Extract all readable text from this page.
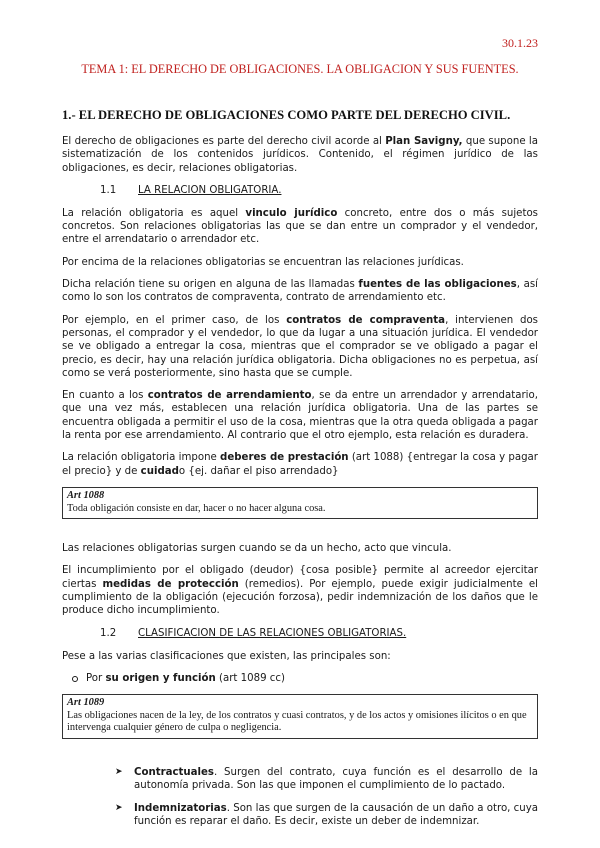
30.1.23
TEMA 1: EL DERECHO DE OBLIGACIONES. LA OBLIGACION Y SUS FUENTES.
1.- EL DERECHO DE OBLIGACIONES COMO PARTE DEL DERECHO CIVIL.

El derecho de obligaciones es parte del derecho civil acorde al Plan Savigny, que supone la sistematización de los contenidos jurídicos. Contenido, el régimen jurídico de las obligaciones, es decir, relaciones obligatorias.

1.1 LA RELACION OBLIGATORIA.

La relación obligatoria es aquel vinculo jurídico concreto, entre dos o más sujetos concretos. Son relaciones obligatorias las que se dan entre un comprador y el vendedor, entre el arrendatario o arrendador etc.

Por encima de la relaciones obligatorias se encuentran las relaciones jurídicas.

Dicha relación tiene su origen en alguna de las llamadas fuentes de las obligaciones, así como lo son los contratos de compraventa, contrato de arrendamiento etc.

Por ejemplo, en el primer caso, de los contratos de compraventa, intervienen dos personas, el comprador y el vendedor, lo que da lugar a una situación jurídica. El vendedor se ve obligado a entregar la cosa, mientras que el comprador se ve obligado a pagar el precio, es decir, hay una relación jurídica obligatoria. Dicha obligaciones no es perpetua, así como se verá posteriormente, sino hasta que se cumple.

En cuanto a los contratos de arrendamiento, se da entre un arrendador y arrendatario, que una vez más, establecen una relación jurídica obligatoria. Una de las partes se encuentra obligada a permitir el uso de la cosa, mientras que la otra queda obligada a pagar la renta por ese arrendamiento. Al contrario que el otro ejemplo, esta relación es duradera.

La relación obligatoria impone deberes de prestación (art 1088) {entregar la cosa y pagar el precio} y de cuidado {ej. dañar el piso arrendado}

Art 1088
Toda obligación consiste en dar, hacer o no hacer alguna cosa.

Las relaciones obligatorias surgen cuando se da un hecho, acto que vincula.

El incumplimiento por el obligado (deudor) {cosa posible} permite al acreedor ejercitar ciertas medidas de protección (remedios). Por ejemplo, puede exigir judicialmente el cumplimiento de la obligación (ejecución forzosa), pedir indemnización de los daños que le produce dicho incumplimiento.

1.2 CLASIFICACION DE LAS RELACIONES OBLIGATORIAS.

Pese a las varias clasificaciones que existen, las principales son:

Por su origen y función (art 1089 cc)
Art 1089
Las obligaciones nacen de la ley, de los contratos y cuasi contratos, y de los actos y omisiones ilícitos o en que intervenga cualquier género de culpa o negligencia.
➤ Contractuales. Surgen del contrato, cuya función es el desarrollo de la autonomía privada. Son las que imponen el cumplimiento de lo pactado.
➤ Indemnizatorias. Son las que surgen de la causación de un daño a otro, cuya función es reparar el daño. Es decir, existe un deber de indemnizar.
